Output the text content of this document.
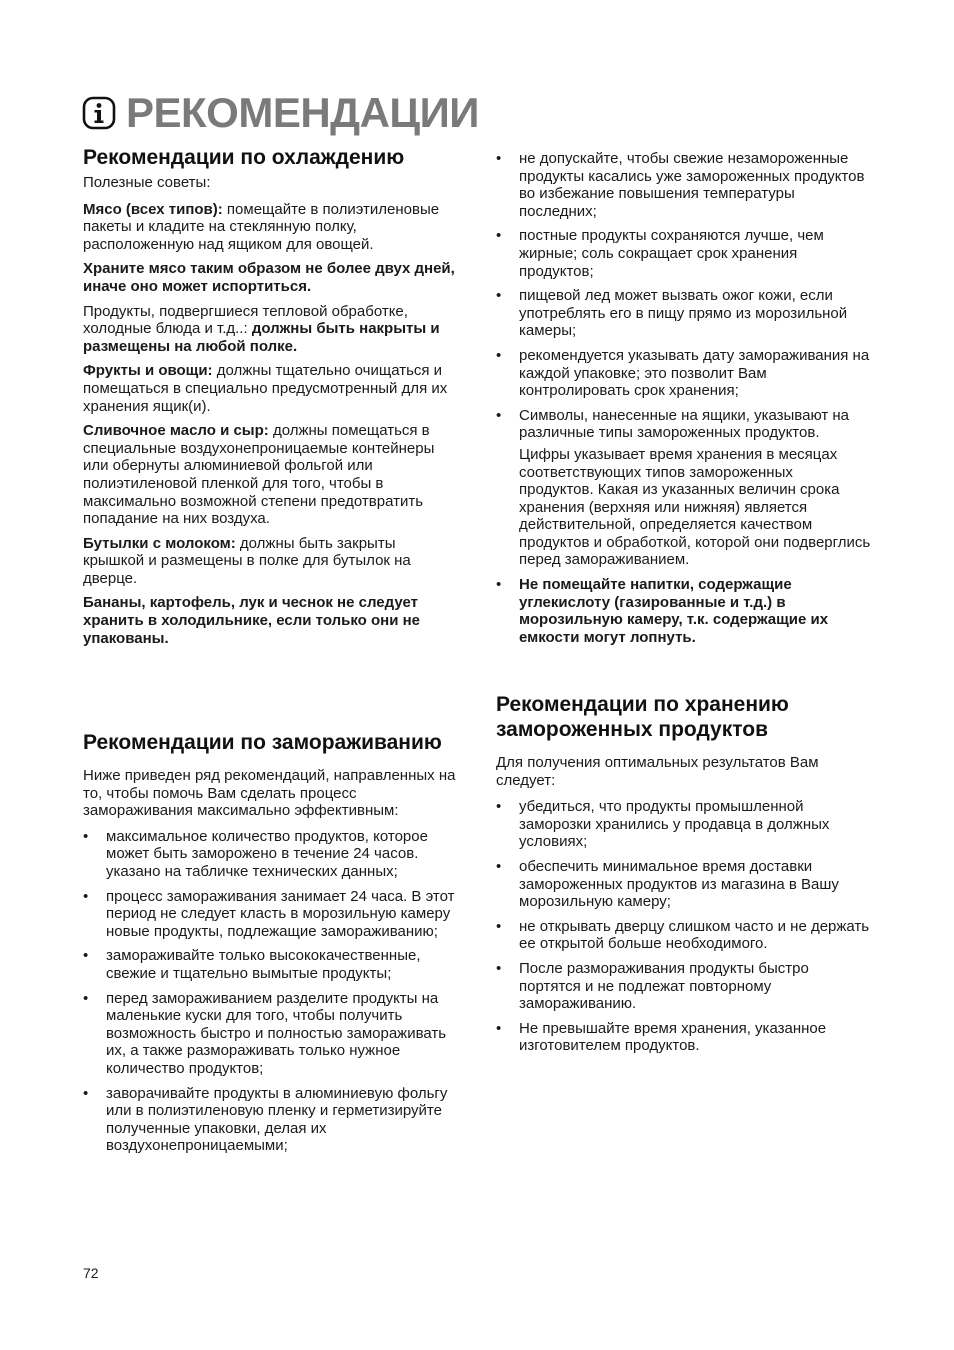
РЕКОМЕНДАЦИИ
Рекомендации по охлаждению

Полезные советы:

Мясо (всех типов): помещайте в полиэтиленовые пакеты и кладите на стеклянную полку, расположенную над ящиком для овощей.

Храните мясо таким образом не более двух дней, иначе оно может испортиться.

Продукты, подвергшиеся тепловой обработке, холодные блюда и т.д..: должны быть накрыты и размещены на любой полке.

Фрукты и овощи: должны тщательно очищаться и помещаться в специально предусмотренный для их хранения ящик(и).

Сливочное масло и сыр: должны помещаться в специальные воздухонепроницаемые контейнеры или обернуты алюминиевой фольгой или полиэтиленовой пленкой для того, чтобы в максимально возможной степени предотвратить попадание на них воздуха.

Бутылки с молоком: должны быть закрыты крышкой и размещены в полке для бутылок на дверце.

Бананы, картофель, лук и чеснок не следует хранить в холодильнике, если только они не упакованы.

Рекомендации по замораживанию

Ниже приведен ряд рекомендаций, направленных на то, чтобы помочь Вам сделать процесс замораживания максимально эффективным:

• максимальное количество продуктов, которое может быть заморожено в течение 24 часов. указано на табличке технических данных;
• процесс замораживания занимает 24 часа. В этот период не следует класть в морозильную камеру новые продукты, подлежащие замораживанию;
• замораживайте только высококачественные, свежие и тщательно вымытые продукты;
• перед замораживанием разделите продукты на маленькие куски для того, чтобы получить возможность быстро и полностью замораживать их, а также размораживать только нужное количество продуктов;
• заворачивайте продукты в алюминиевую фольгу или в полиэтиленовую пленку и герметизируйте полученные упаковки, делая их воздухонепроницаемыми;
• не допускайте, чтобы свежие незамороженные продукты касались уже замороженных продуктов во избежание повышения температуры последних;
• постные продукты сохраняются лучше, чем жирные; соль сокращает срок хранения продуктов;
• пищевой лед может вызвать ожог кожи, если употреблять его в пищу прямо из морозильной камеры;
• рекомендуется указывать дату замораживания на каждой упаковке; это позволит Вам контролировать срок хранения;
• Символы, нанесенные на ящики, указывают на различные типы замороженных продуктов.

Цифры указывает время хранения в месяцах соответствующих типов замороженных продуктов. Какая из указанных величин срока хранения (верхняя или нижняя) является действительной, определяется качеством продуктов и обработкой, которой они подверглись перед замораживанием.

• Не помещайте напитки, содержащие углекислоту (газированные и т.д.) в морозильную камеру, т.к. содержащие их емкости могут лопнуть.
Рекомендации по хранению замороженных продуктов

Для получения оптимальных результатов Вам следует:

• убедиться, что продукты промышленной заморозки хранились у продавца в должных условиях;
• обеспечить минимальное время доставки замороженных продуктов из магазина в Вашу морозильную камеру;
• не открывать дверцу слишком часто и не держать ее открытой больше необходимого.
• После размораживания продукты быстро портятся и не подлежат повторному замораживанию.
• Не превышайте время хранения, указанное изготовителем продуктов.
72
